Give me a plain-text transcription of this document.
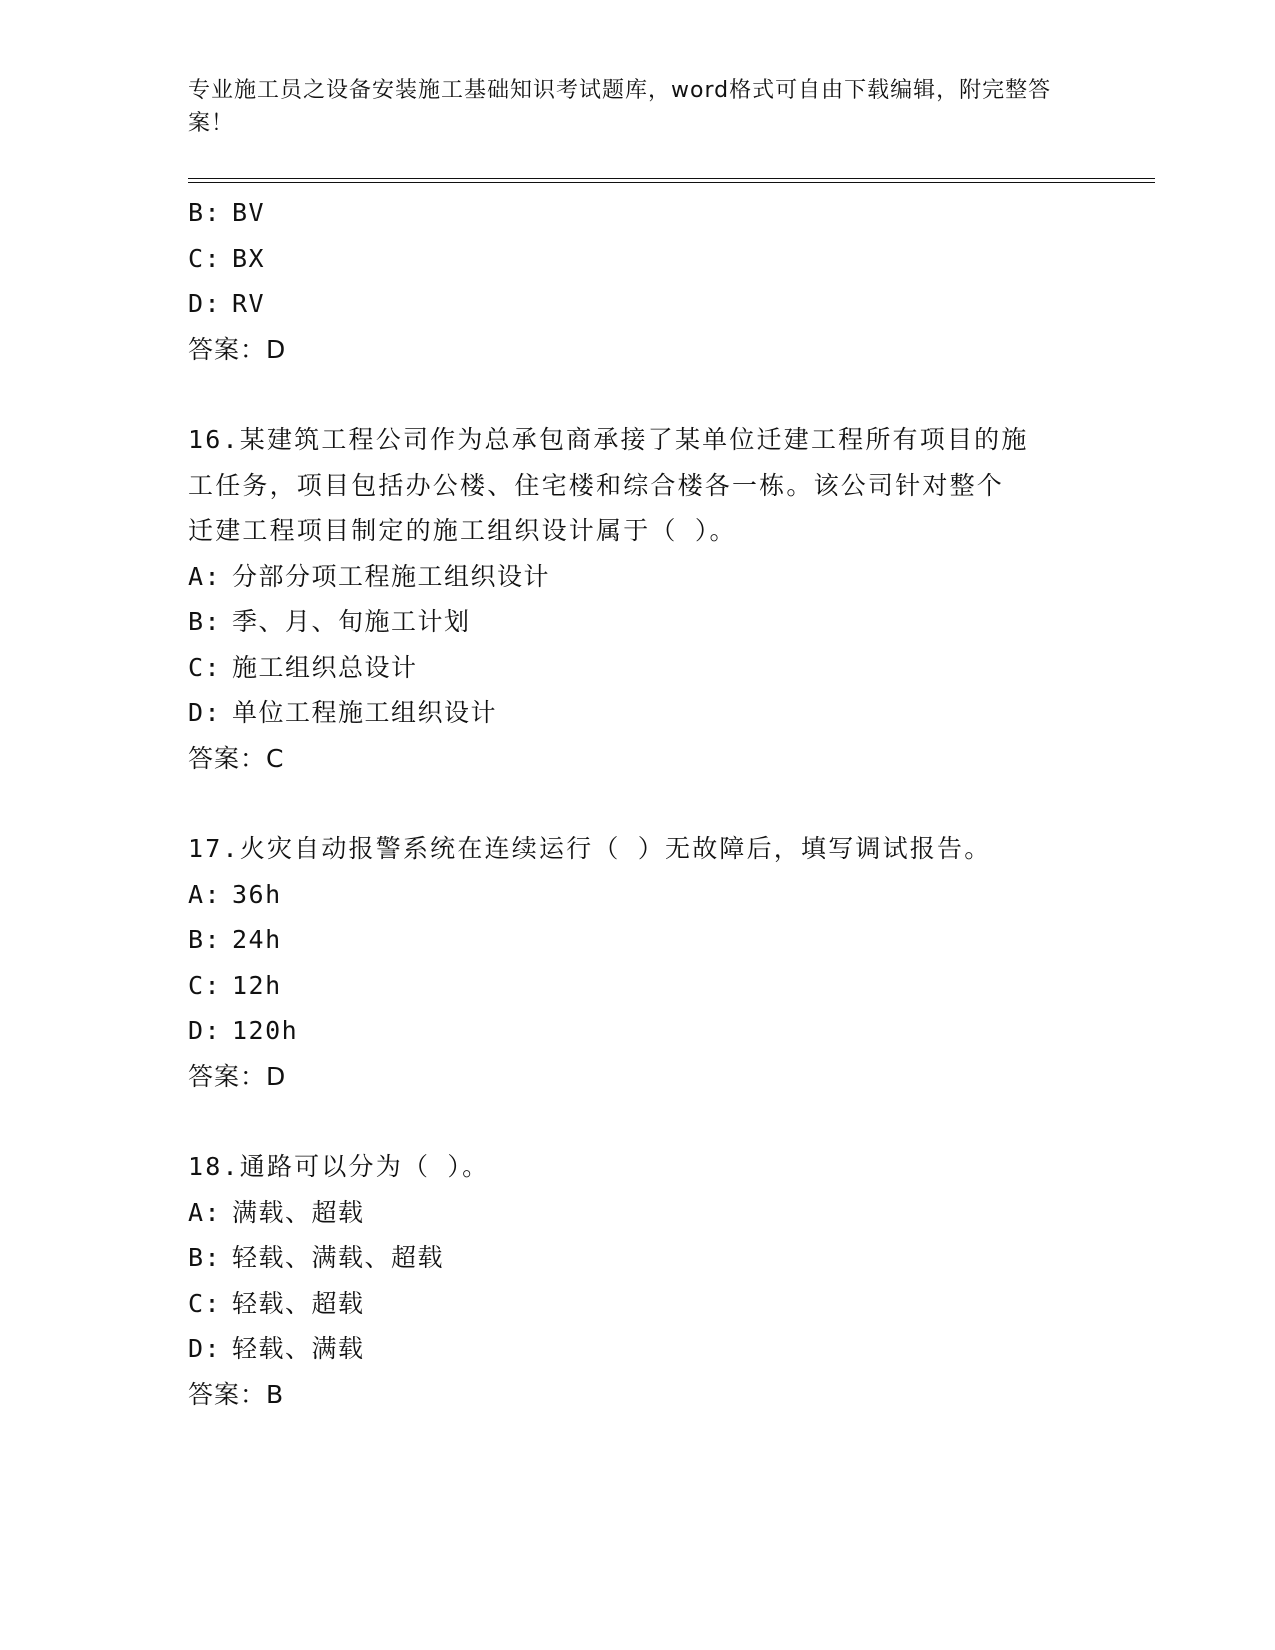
专业施工员之设备安装施工基础知识考试题库，word格式可自由下载编辑，附完整答案！
B: BV
C: BX
D: RV
答案：D
16.某建筑工程公司作为总承包商承接了某单位迁建工程所有项目的施
工任务，项目包括办公楼、住宅楼和综合楼各一栋。该公司针对整个
迁建工程项目制定的施工组织设计属于（ ）。
A: 分部分项工程施工组织设计
B: 季、月、旬施工计划
C: 施工组织总设计
D: 单位工程施工组织设计
答案：C
17.火灾自动报警系统在连续运行（ ）无故障后，填写调试报告。
A: 36h
B: 24h
C: 12h
D: 120h
答案：D
18.通路可以分为（ ）。
A: 满载、超载
B: 轻载、满载、超载
C: 轻载、超载
D: 轻载、满载
答案：B
